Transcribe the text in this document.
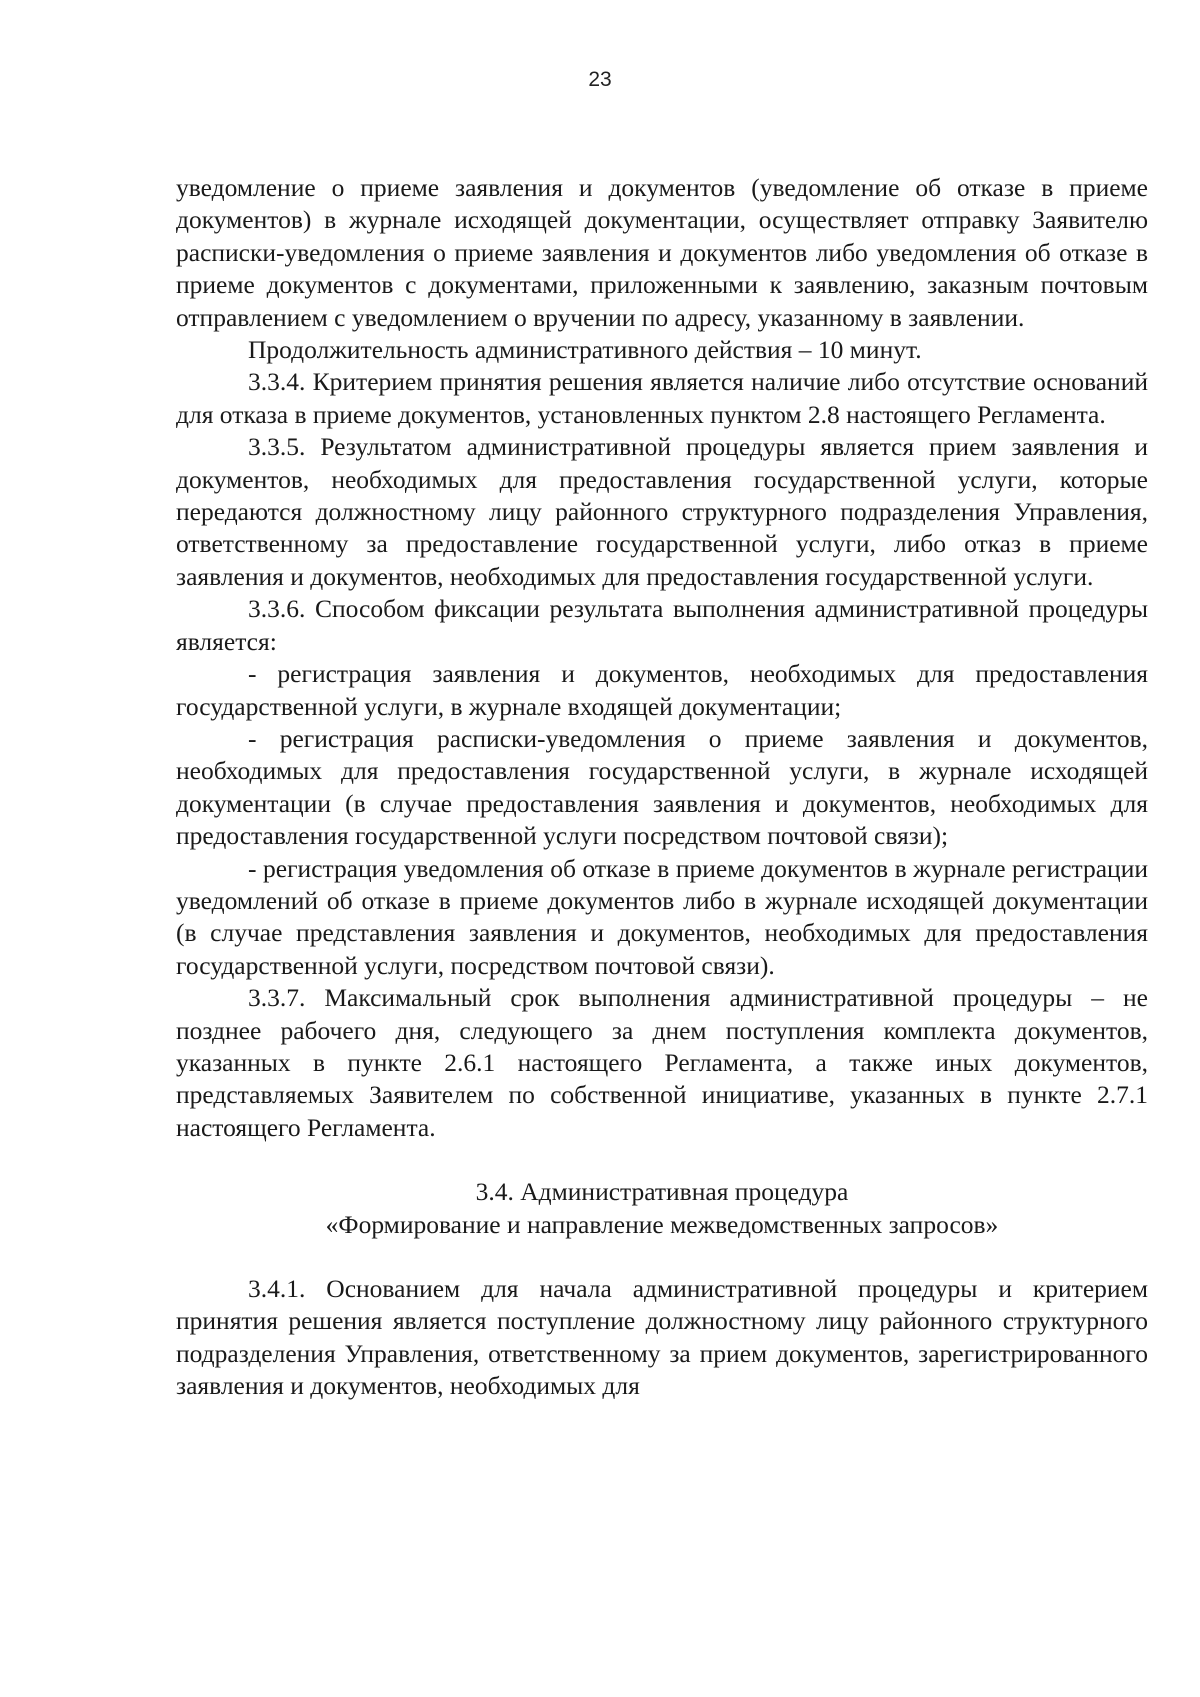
23

уведомление о приеме заявления и документов (уведомление об отказе в приеме документов) в журнале исходящей документации, осуществляет отправку Заявителю расписки-уведомления о приеме заявления и документов либо уведомления об отказе в приеме документов с документами, приложенными к заявлению, заказным почтовым отправлением с уведомлением о вручении по адресу, указанному в заявлении.

Продолжительность административного действия – 10 минут.

3.3.4. Критерием принятия решения является наличие либо отсутствие оснований для отказа в приеме документов, установленных пунктом 2.8 настоящего Регламента.

3.3.5. Результатом административной процедуры является прием заявления и документов, необходимых для предоставления государственной услуги, которые передаются должностному лицу районного структурного подразделения Управления, ответственному за предоставление государственной услуги, либо отказ в приеме заявления и документов, необходимых для предоставления государственной услуги.

3.3.6. Способом фиксации результата выполнения административной процедуры является:

- регистрация заявления и документов, необходимых для предоставления государственной услуги, в журнале входящей документации;

- регистрация расписки-уведомления о приеме заявления и документов, необходимых для предоставления государственной услуги, в журнале исходящей документации (в случае предоставления заявления и документов, необходимых для предоставления государственной услуги посредством почтовой связи);

- регистрация уведомления об отказе в приеме документов в журнале регистрации уведомлений об отказе в приеме документов либо в журнале исходящей документации (в случае представления заявления и документов, необходимых для предоставления государственной услуги, посредством почтовой связи).

3.3.7. Максимальный срок выполнения административной процедуры – не позднее рабочего дня, следующего за днем поступления комплекта документов, указанных в пункте 2.6.1 настоящего Регламента, а также иных документов, представляемых Заявителем по собственной инициативе, указанных в пункте 2.7.1 настоящего Регламента.

3.4. Административная процедура

«Формирование и направление межведомственных запросов»

3.4.1. Основанием для начала административной процедуры и критерием принятия решения является поступление должностному лицу районного структурного подразделения Управления, ответственному за прием документов, зарегистрированного заявления и документов, необходимых для
